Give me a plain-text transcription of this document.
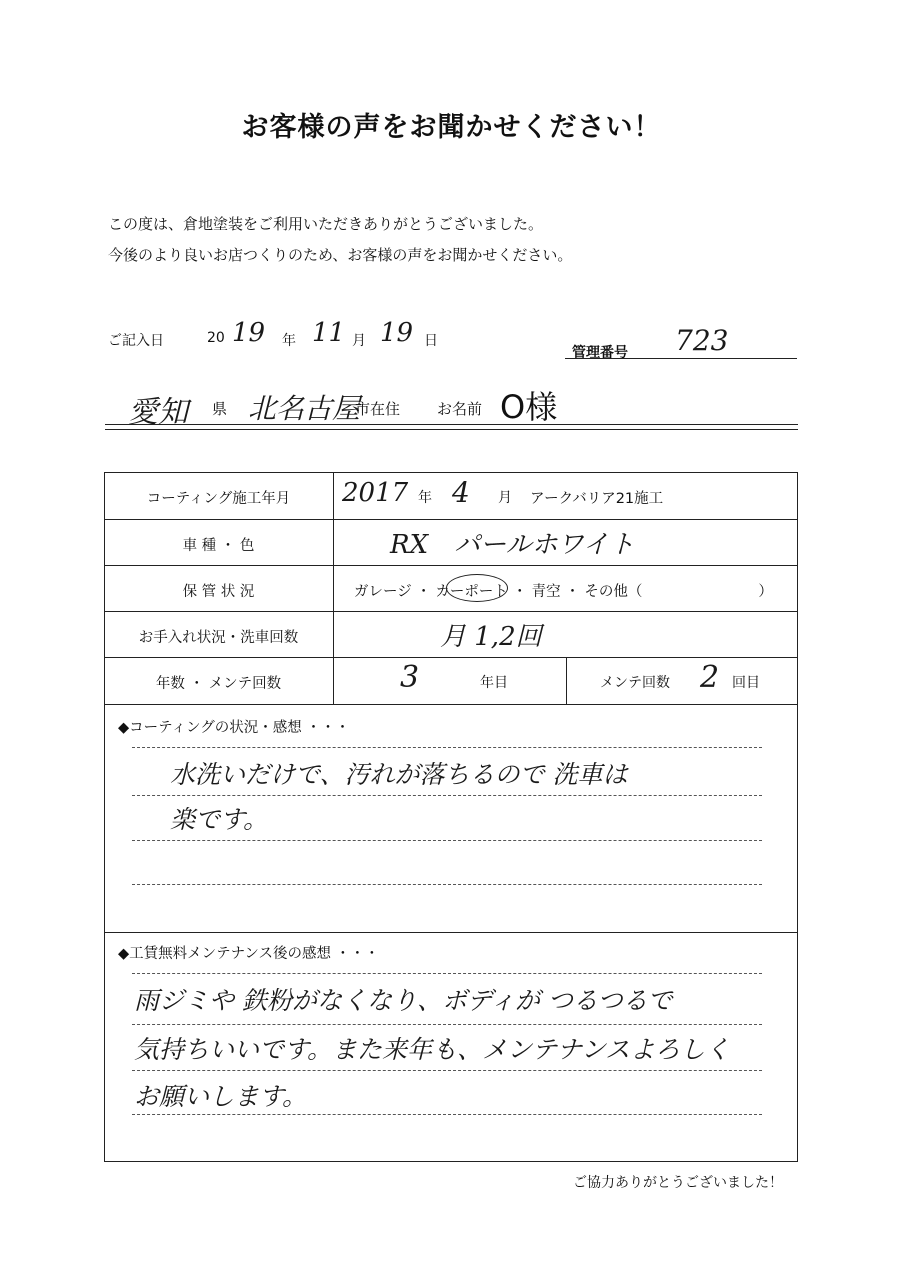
お客様の声をお聞かせください！
この度は、倉地塗装をご利用いただきありがとうございました。
今後のより良いお店つくりのため、お客様の声をお聞かせください。
ご記入日	20 19 年 11 月 19 日
管理番号 723
愛知 県 北名古屋
市在住 お名前 O様
コーティング施工年月	2017 年 4 月 アークバリア21施工
車 種 ・ 色	RX　パールホワイト
保 管 状 況	ガレージ ・ カーポート ・ 青空 ・ その他（　　　　　　　　）
お手入れ状況・洗車回数	月 1,2回
年数 ・ メンテ回数	3	年目	メンテ回数 2 回目
◆コーティングの状況・感想 ・・・
水洗いだけで、汚れが落ちるので 洗車は
楽です。
◆工賃無料メンテナンス後の感想 ・・・
雨ジミや 鉄粉がなくなり、ボディが つるつるで
気持ちいいです。また来年も、メンテナンスよろしく
お願いします。
ご協力ありがとうございました！
